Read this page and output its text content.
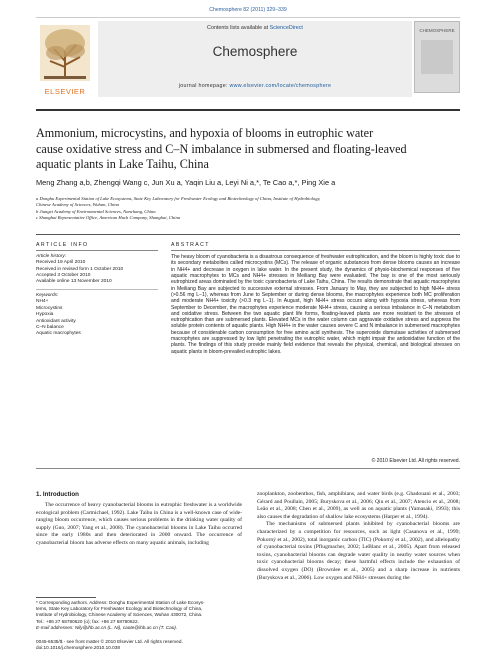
Chemosphere 82 (2011) 329–339
ELSEVIER
Contents lists available at ScienceDirect
Chemosphere
journal homepage: www.elsevier.com/locate/chemosphere
CHEMOSPHERE
Ammonium, microcystins, and hypoxia of blooms in eutrophic water
cause oxidative stress and C–N imbalance in submersed and floating-leaved
aquatic plants in Lake Taihu, China
Meng Zhang a,b, Zhengqi Wang c, Jun Xu a, Yaqin Liu a, Leyi Ni a,*, Te Cao a,*, Ping Xie a
a Donghu Experimental Station of Lake Ecosystems, State Key Laboratory for Freshwater Ecology and Biotechnology of China, Institute of Hydrobiology,
Chinese Academy of Sciences, Wuhan, China
b Jiangxi Academy of Environmental Sciences, Nanchang, China
c Shanghai Representative Office, American Hach Company, Shanghai, China
ARTICLE INFO	ABSTRACT
Article history:
Received 19 April 2010
Received in revised form 1 October 2010
Accepted 3 October 2010
Available online 13 November 2010
Keywords:
NH4+
Microcystins
Hypoxia
Antioxidant activity
C–N balance
Aquatic macrophytes
The heavy bloom of cyanobacteria is a disastrous consequence of freshwater eutrophication, and the bloom is highly toxic due to its secondary metabolites called microcystins (MCs). The release of organic substances from dense blooms causes an increase in NH4+ and decrease in oxygen in lake water. In the present study, the dynamics of physio-biochemical responses of five aquatic macrophytes to MCs and NH4+ stresses in Meiliang Bay were evaluated. The bay is one of the most seriously eutrophized areas dominated by the toxic cyanobacteria of Lake Taihu, China. The results demonstrate that aquatic macrophytes in Meiliang Bay are subjected to successive external stresses. From January to May, they are subjected to high NH4+ stress (>0.56 mg L−1), whereas from June to September or during dense blooms, the macrophytes experience both MC proliferation and moderate NH4+ toxicity (>0.3 mg L−1). In August, high NH4+ stress occurs along with hypoxia stress, whereas from September to December, the macrophytes experience moderate NH4+ stress, causing a serious imbalance in C–N metabolism and oxidative stress. Between the two aquatic plant life forms, floating-leaved plants are more resistant to the stresses of eutrophication than are submersed plants. Elevated MCs in the water column can aggravate oxidative stress and suppress the soluble protein contents of aquatic plants. High NH4+ in the water causes severe C and N imbalance in submersed macrophytes because of considerable carbon consumption for free amino acid synthesis. The superoxide dismutase activities of submersed macrophytes are suppressed by low light penetrating the eutrophic water, which might impair the antioxidative function of the plants. The findings of this study provide mainly field evidence that reveals the physical, chemical, and biological stresses on aquatic plants in bloom-prevailed eutrophic lakes.
© 2010 Elsevier Ltd. All rights reserved.
1. Introduction
The occurrence of heavy cyanobacterial blooms in eutrophic freshwater is a worldwide ecological problem (Carmichael, 1992). Lake Taihu in China is a well-known case of wide-ranging bloom occurrence, which causes serious problems in the drinking water quality of supply (Guo, 2007; Yang et al., 2008). The cyanobacterial blooms in Lake Taihu occurred since the early 1980s and then deteriorated in 2000 onward. The occurrence of cyanobacterial bloom has adverse effects on many aquatic animals, including

zooplankton, zoobenthos, fish, amphibians, and water birds (e.g. Ghadouani et al., 2003; Gérard and Poullain, 2005; Buryskova et al., 2006; Qiu et al., 2007; Atencio et al., 2008; Leão et al., 2008; Chen et al., 2009), as well as on aquatic plants (Yamasaki, 1993); this also causes the degradation of shallow lake ecosystems (Harper et al., 1994).

The mechanisms of submersed plants inhibited by cyanobacterial blooms are characterized by a competition for resources, such as light (Casanova et al., 1999; Pokorný et al., 2002), total inorganic carbon (TIC) (Pokorný et al., 2002), and allelopathy of cyanobacterial toxins (Pflugmacher, 2002; LeBlanc et al., 2005). Apart from released toxins, cyanobacterial blooms can degrade water quality in nearby water sources when toxic cyanobacterial blooms decay; these harmful effects include the exhaustion of dissolved oxygen (DO) (Brownlee et al., 2005) and a sharp increase in nutrients (Buryskova et al., 2006). Low oxygen and NH4+ stresses during the

* Corresponding authors. Address: Donghu Experimental Station of Lake Ecosys-
tems, State Key Laboratory for Freshwater Ecology and Biotechnology of China,
Institute of Hydrobiology, Chinese Academy of Sciences, Wuhan 430072, China.
Tel.: +86 27 68780620 (o); fax: +86 27 68780622.
E-mail addresses: Nily@ihb.ac.cn (L. Ni), caote@ihb.ac.cn (T. Cao).
0045-6535/$ - see front matter © 2010 Elsevier Ltd. All rights reserved.
doi:10.1016/j.chemosphere.2010.10.038
